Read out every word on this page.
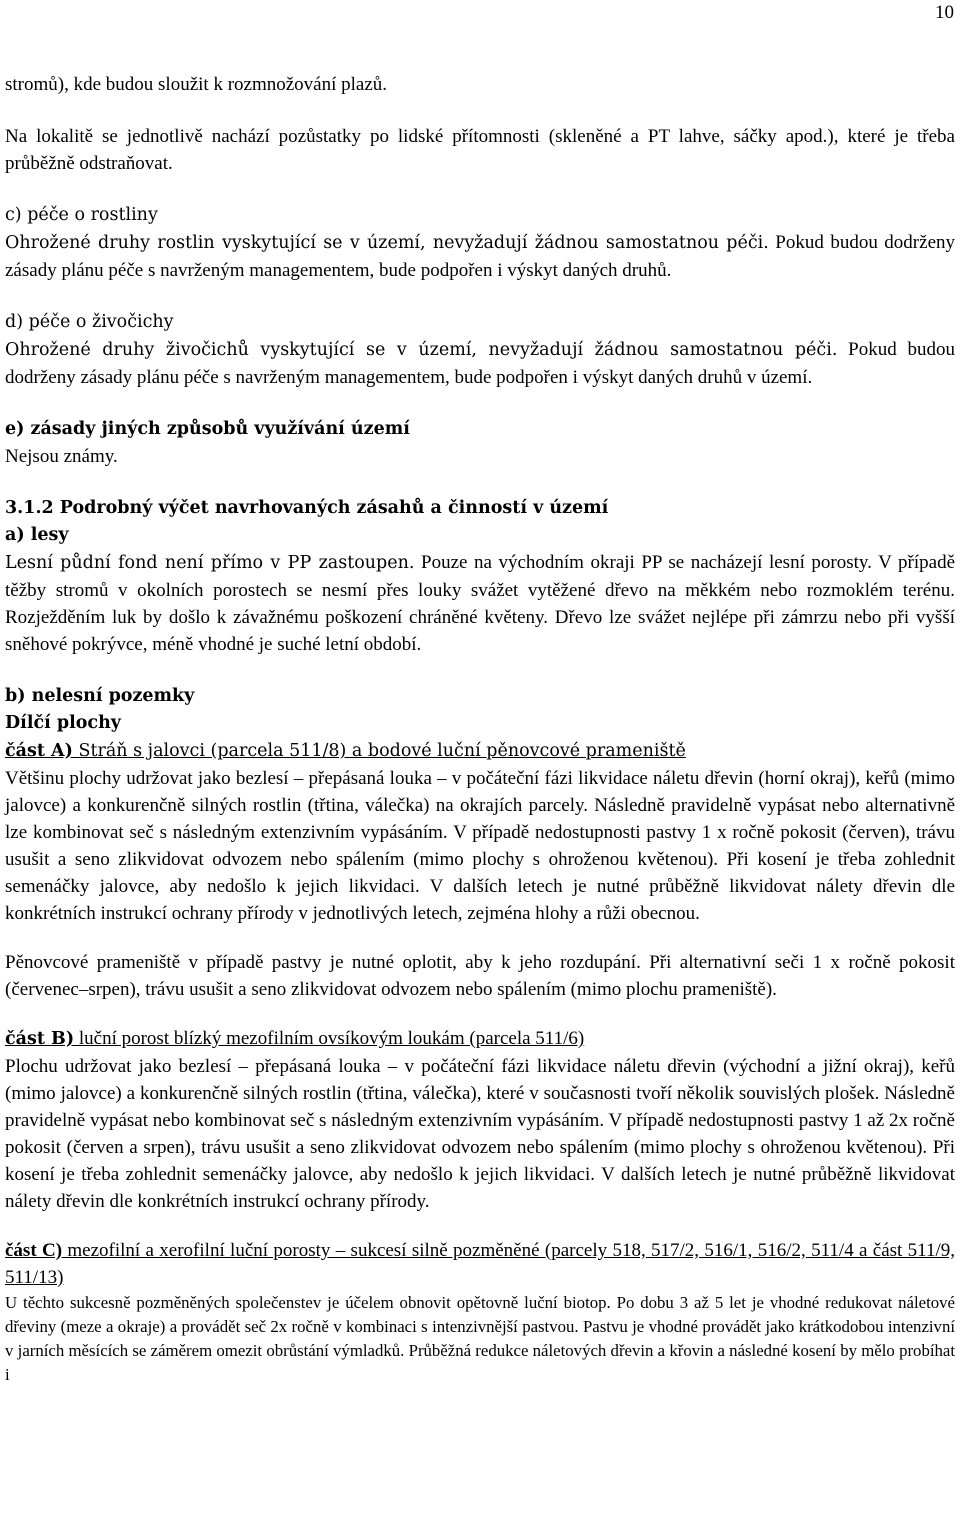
10

stromů), kde budou sloužit k rozmnožování plazů.

Na lokalitě se jednotlivě nachází pozůstatky po lidské přítomnosti (skleněné a PT lahve, sáčky apod.), které je třeba průběžně odstraňovat.

c) péče o rostliny

Ohrožené druhy rostlin vyskytující se v území, nevyžadují žádnou samostatnou péči. Pokud budou dodrženy zásady plánu péče s navrženým managementem, bude podpořen i výskyt daných druhů.

d) péče o živočichy

Ohrožené druhy živočichů vyskytující se v území, nevyžadují žádnou samostatnou péči. Pokud budou dodrženy zásady plánu péče s navrženým managementem, bude podpořen i výskyt daných druhů v území.

e) zásady jiných způsobů využívání území

Nejsou známy.

3.1.2 Podrobný výčet navrhovaných zásahů a činností v území

a) lesy

Lesní půdní fond není přímo v PP zastoupen. Pouze na východním okraji PP se nacházejí lesní porosty. V případě těžby stromů v okolních porostech se nesmí přes louky svážet vytěžené dřevo na měkkém nebo rozmoklém terénu. Rozježděním luk by došlo k závažnému poškození chráněné květeny. Dřevo lze svážet nejlépe při zámrzu nebo při vyšší sněhové pokrývce, méně vhodné je suché letní období.

b) nelesní pozemky

Dílčí plochy

část A) Stráň s jalovci (parcela 511/8) a bodové luční pěnovcové prameniště

Většinu plochy udržovat jako bezlesí – přepásaná louka – v počáteční fázi likvidace náletu dřevin (horní okraj), keřů (mimo jalovce) a konkurenčně silných rostlin (třtina, válečka) na okrajích parcely. Následně pravidelně vypásat nebo alternativně lze kombinovat seč s následným extenzivním vypásáním. V případě nedostupnosti pastvy 1 x ročně pokosit (červen), trávu usušit a seno zlikvidovat odvozem nebo spálením (mimo plochy s ohroženou květenou). Při kosení je třeba zohlednit semenáčky jalovce, aby nedošlo k jejich likvidaci. V dalších letech je nutné průběžně likvidovat nálety dřevin dle konkrétních instrukcí ochrany přírody v jednotlivých letech, zejména hlohy a růži obecnou.

Pěnovcové prameniště v případě pastvy je nutné oplotit, aby k jeho rozdupání. Při alternativní seči 1 x ročně pokosit (červenec–srpen), trávu usušit a seno zlikvidovat odvozem nebo spálením (mimo plochu prameniště).

část B) luční porost blízký mezofilním ovsíkovým loukám (parcela 511/6)

Plochu udržovat jako bezlesí – přepásaná louka – v počáteční fázi likvidace náletu dřevin (východní a jižní okraj), keřů (mimo jalovce) a konkurenčně silných rostlin (třtina, válečka), které v současnosti tvoří několik souvislých plošek. Následně pravidelně vypásat nebo kombinovat seč s následným extenzivním vypásáním. V případě nedostupnosti pastvy 1 až 2x ročně pokosit (červen a srpen), trávu usušit a seno zlikvidovat odvozem nebo spálením (mimo plochy s ohroženou květenou). Při kosení je třeba zohlednit semenáčky jalovce, aby nedošlo k jejich likvidaci. V dalších letech je nutné průběžně likvidovat nálety dřevin dle konkrétních instrukcí ochrany přírody.

část C) mezofilní a xerofilní luční porosty – sukcesí silně pozměněné (parcely 518, 517/2, 516/1, 516/2, 511/4 a část 511/9, 511/13)

U těchto sukcesně pozměněných společenstev je účelem obnovit opětovně luční biotop. Po dobu 3 až 5 let je vhodné redukovat náletové dřeviny (meze a okraje) a provádět seč 2x ročně v kombinaci s intenzivnější pastvou. Pastvu je vhodné provádět jako krátkodobou intenzivní v jarních měsících se záměrem omezit obrůstání výmladků. Průběžná redukce náletových dřevin a křovin a následné kosení by mělo probíhat i
